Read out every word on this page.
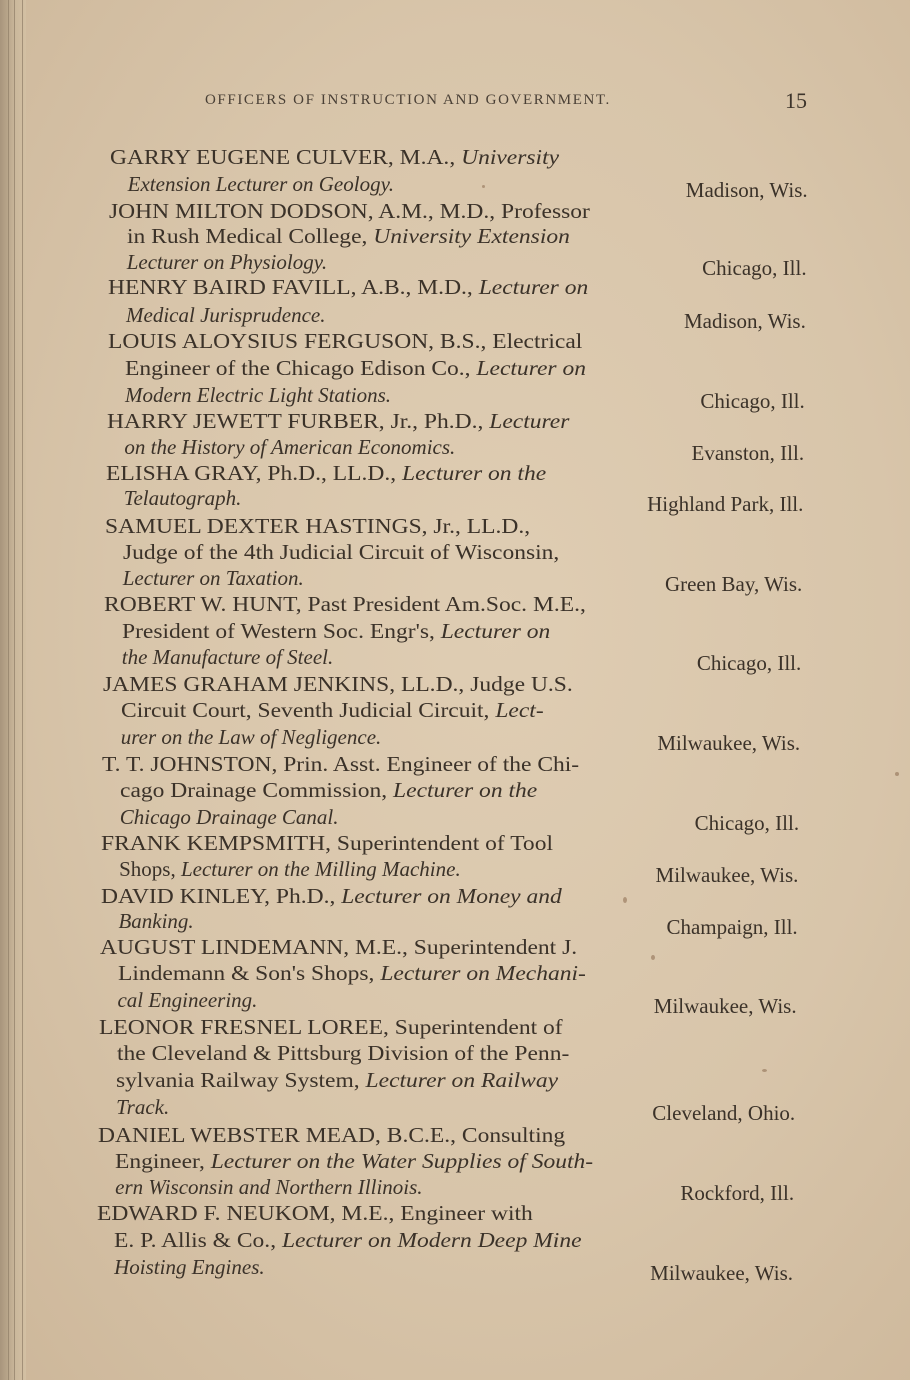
OFFICERS OF INSTRUCTION AND GOVERNMENT.	15
GARRY EUGENE CULVER, M.A., University
Extension Lecturer on Geology.	Madison, Wis.
JOHN MILTON DODSON, A.M., M.D., Professor
in Rush Medical College, University Extension
Lecturer on Physiology.	Chicago, Ill.
HENRY BAIRD FAVILL, A.B., M.D., Lecturer on
Medical Jurisprudence.	Madison, Wis.
LOUIS ALOYSIUS FERGUSON, B.S., Electrical
Engineer of the Chicago Edison Co., Lecturer on
Modern Electric Light Stations.	Chicago, Ill.
HARRY JEWETT FURBER, Jr., Ph.D., Lecturer
on the History of American Economics.	Evanston, Ill.
ELISHA GRAY, Ph.D., LL.D., Lecturer on the
Telautograph.	Highland Park, Ill.
SAMUEL DEXTER HASTINGS, Jr., LL.D.,
Judge of the 4th Judicial Circuit of Wisconsin,
Lecturer on Taxation.	Green Bay, Wis.
ROBERT W. HUNT, Past President Am.Soc. M.E.,
President of Western Soc. Engr's, Lecturer on
the Manufacture of Steel.	Chicago, Ill.
JAMES GRAHAM JENKINS, LL.D., Judge U.S.
Circuit Court, Seventh Judicial Circuit, Lect-
urer on the Law of Negligence.	Milwaukee, Wis.
T. T. JOHNSTON, Prin. Asst. Engineer of the Chi-
cago Drainage Commission, Lecturer on the
Chicago Drainage Canal.	Chicago, Ill.
FRANK KEMPSMITH, Superintendent of Tool
Shops, Lecturer on the Milling Machine.	Milwaukee, Wis.
DAVID KINLEY, Ph.D., Lecturer on Money and
Banking.	Champaign, Ill.
AUGUST LINDEMANN, M.E., Superintendent J.
Lindemann & Son's Shops, Lecturer on Mechani-
cal Engineering.	Milwaukee, Wis.
LEONOR FRESNEL LOREE, Superintendent of
the Cleveland & Pittsburg Division of the Penn-
sylvania Railway System, Lecturer on Railway
Track.	Cleveland, Ohio.
DANIEL WEBSTER MEAD, B.C.E., Consulting
Engineer, Lecturer on the Water Supplies of South-
ern Wisconsin and Northern Illinois.	Rockford, Ill.
EDWARD F. NEUKOM, M.E., Engineer with
E. P. Allis & Co., Lecturer on Modern Deep Mine
Hoisting Engines.	Milwaukee, Wis.
